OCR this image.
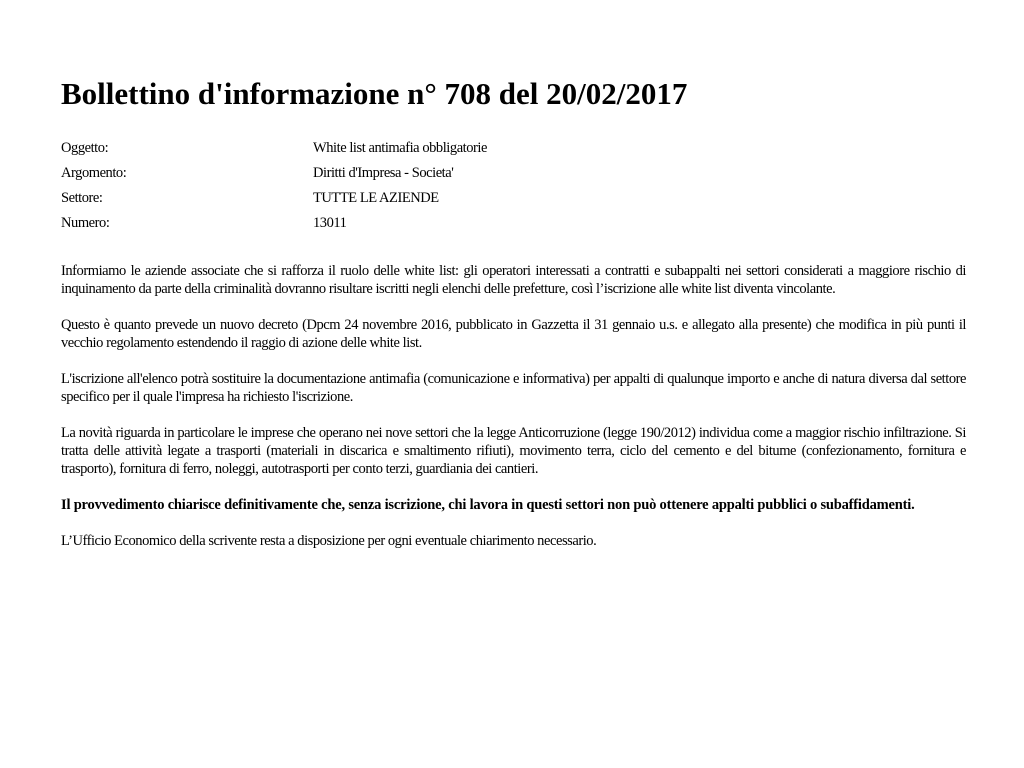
Bollettino d'informazione n° 708 del 20/02/2017
Oggetto:	White list antimafia obbligatorie
Argomento:	Diritti d'Impresa - Societa'
Settore:	TUTTE LE AZIENDE
Numero:	13011

Informiamo le aziende associate che si rafforza il ruolo delle white list: gli operatori interessati a contratti e subappalti nei settori considerati a maggiore rischio di inquinamento da parte della criminalità dovranno risultare iscritti negli elenchi delle prefetture, così l’iscrizione alle white list diventa vincolante.

Questo è quanto prevede un nuovo decreto (Dpcm 24 novembre 2016, pubblicato in Gazzetta il 31 gennaio u.s. e allegato alla presente) che modifica in più punti il vecchio regolamento estendendo il raggio di azione delle white list.

L'iscrizione all'elenco potrà sostituire la documentazione antimafia (comunicazione e informativa) per appalti di qualunque importo e anche di natura diversa dal settore specifico per il quale l'impresa ha richiesto l'iscrizione.

La novità riguarda in particolare le imprese che operano nei nove settori che la legge Anticorruzione (legge 190/2012) individua come a maggior rischio infiltrazione. Si tratta delle attività legate a trasporti (materiali in discarica e smaltimento rifiuti), movimento terra, ciclo del cemento e del bitume (confezionamento, fornitura e trasporto), fornitura di ferro, noleggi, autotrasporti per conto terzi, guardiania dei cantieri.

Il provvedimento chiarisce definitivamente che, senza iscrizione, chi lavora in questi settori non può ottenere appalti pubblici o subaffidamenti.

L’Ufficio Economico della scrivente resta a disposizione per ogni eventuale chiarimento necessario.
